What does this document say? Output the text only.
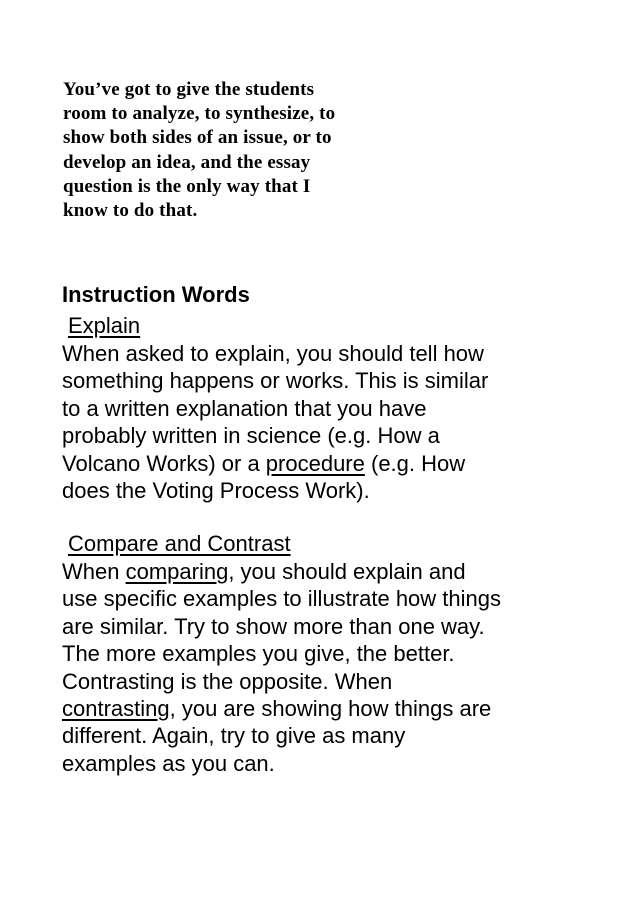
You’ve got to give the students
room to analyze, to synthesize, to
show both sides of an issue, or to
develop an idea, and the essay
question is the only way that I
know to do that.
Instruction Words
Explain
When asked to explain, you should tell how
something happens or works. This is similar
to a written explanation that you have
probably written in science (e.g. How a
Volcano Works) or a procedure (e.g. How
does the Voting Process Work).
Compare and Contrast
When comparing, you should explain and
use specific examples to illustrate how things
are similar. Try to show more than one way.
The more examples you give, the better.
Contrasting is the opposite. When
contrasting, you are showing how things are
different. Again, try to give as many
examples as you can.
